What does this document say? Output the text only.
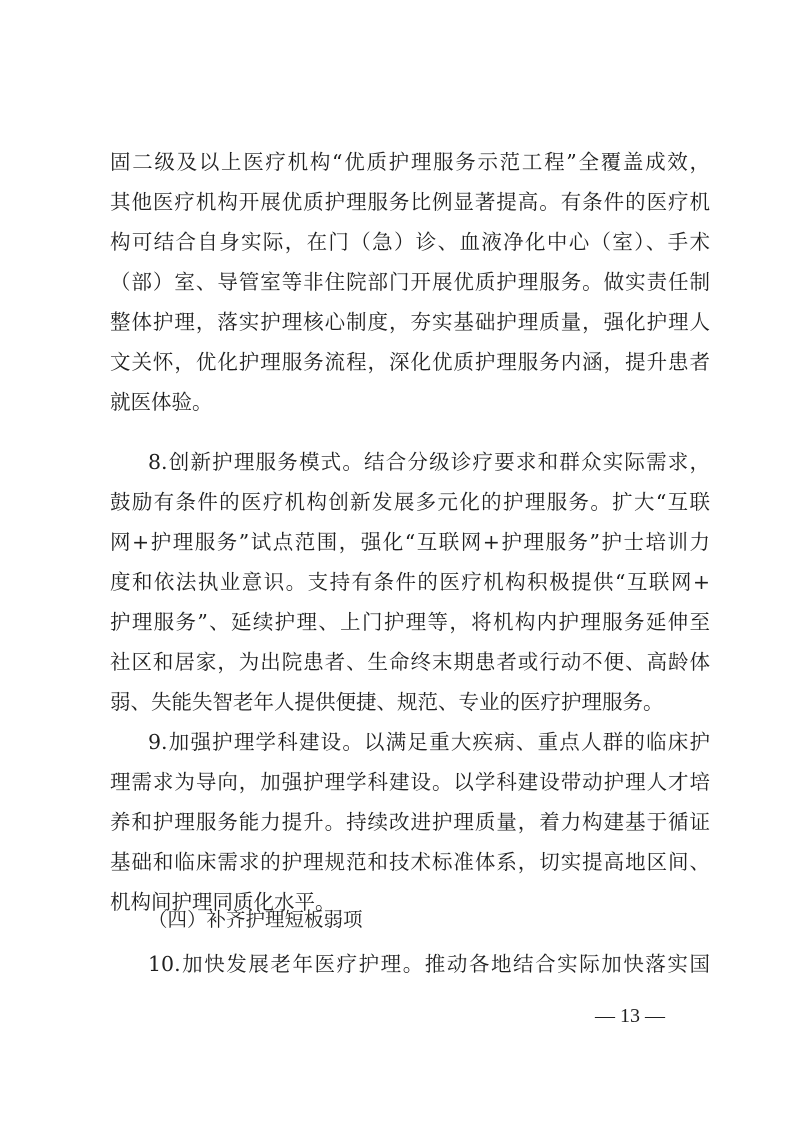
固二级及以上医疗机构“优质护理服务示范工程”全覆盖成效，
其他医疗机构开展优质护理服务比例显著提高。有条件的医疗机
构可结合自身实际，在门（急）诊、血液净化中心（室）、手术
（部）室、导管室等非住院部门开展优质护理服务。做实责任制
整体护理，落实护理核心制度，夯实基础护理质量，强化护理人
文关怀，优化护理服务流程，深化优质护理服务内涵，提升患者
就医体验。
8.创新护理服务模式。结合分级诊疗要求和群众实际需求，
鼓励有条件的医疗机构创新发展多元化的护理服务。扩大“互联
网+护理服务”试点范围，强化“互联网+护理服务”护士培训力
度和依法执业意识。支持有条件的医疗机构积极提供“互联网+
护理服务”、延续护理、上门护理等，将机构内护理服务延伸至
社区和居家，为出院患者、生命终末期患者或行动不便、高龄体
弱、失能失智老年人提供便捷、规范、专业的医疗护理服务。
9.加强护理学科建设。以满足重大疾病、重点人群的临床护
理需求为导向，加强护理学科建设。以学科建设带动护理人才培
养和护理服务能力提升。持续改进护理质量，着力构建基于循证
基础和临床需求的护理规范和技术标准体系，切实提高地区间、
机构间护理同质化水平。
（四）补齐护理短板弱项
10.加快发展老年医疗护理。推动各地结合实际加快落实国
— 13 —
